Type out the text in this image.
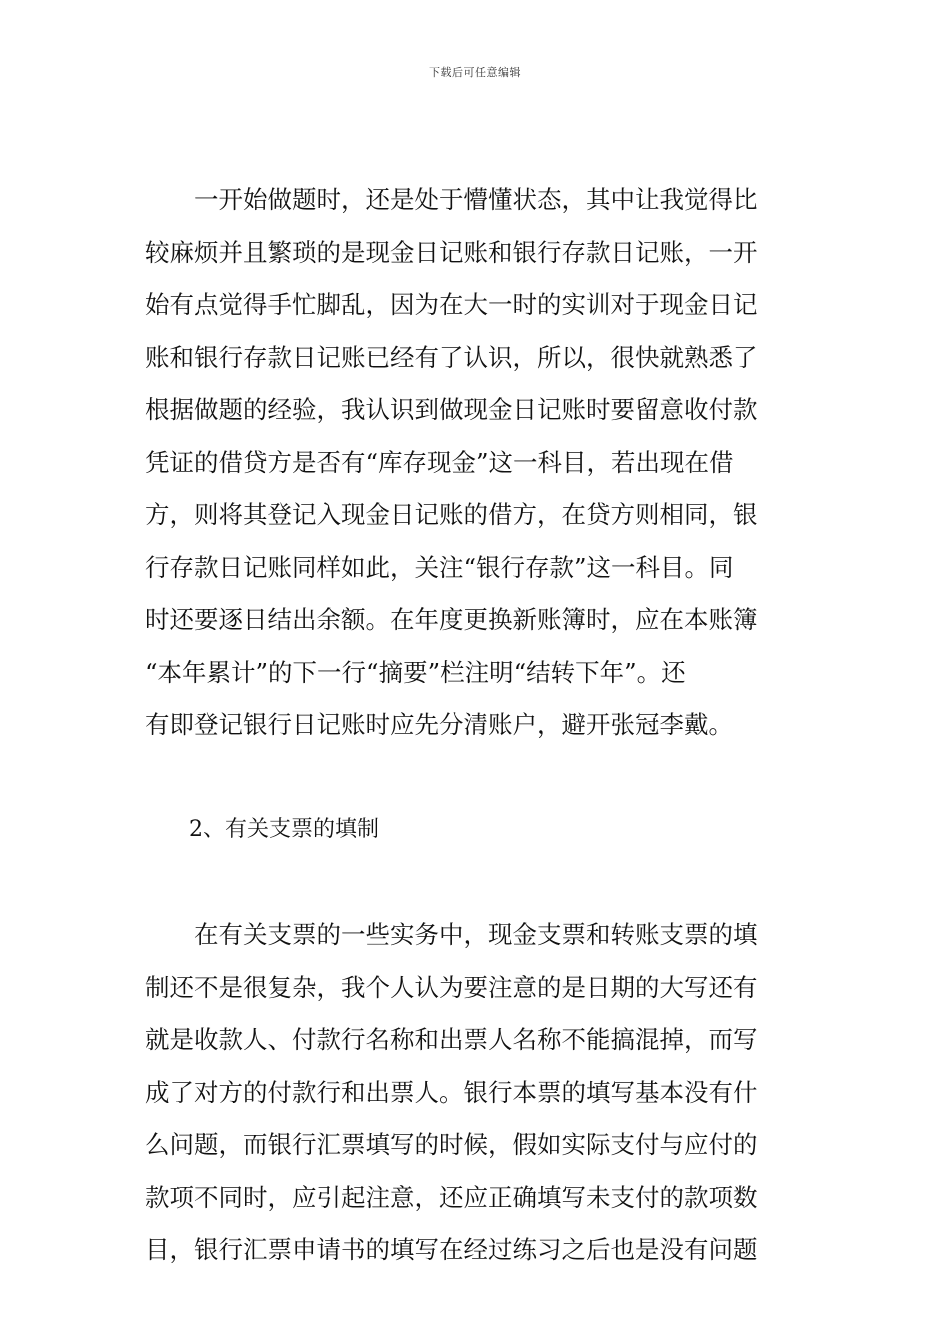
下载后可任意编辑
　　一开始做题时，还是处于懵懂状态，其中让我觉得比
较麻烦并且繁琐的是现金日记账和银行存款日记账，一开
始有点觉得手忙脚乱，因为在大一时的实训对于现金日记
账和银行存款日记账已经有了认识，所以，很快就熟悉了
根据做题的经验，我认识到做现金日记账时要留意收付款
凭证的借贷方是否有“库存现金”这一科目，若出现在借
方，则将其登记入现金日记账的借方，在贷方则相同，银
行存款日记账同样如此，关注“银行存款”这一科目。同
时还要逐日结出余额。在年度更换新账簿时，应在本账簿
“本年累计”的下一行“摘要”栏注明“结转下年”。还
有即登记银行日记账时应先分清账户，避开张冠李戴。
　　2、有关支票的填制
　　在有关支票的一些实务中，现金支票和转账支票的填
制还不是很复杂，我个人认为要注意的是日期的大写还有
就是收款人、付款行名称和出票人名称不能搞混掉，而写
成了对方的付款行和出票人。银行本票的填写基本没有什
么问题，而银行汇票填写的时候，假如实际支付与应付的
款项不同时，应引起注意，还应正确填写未支付的款项数
目，银行汇票申请书的填写在经过练习之后也是没有问题
